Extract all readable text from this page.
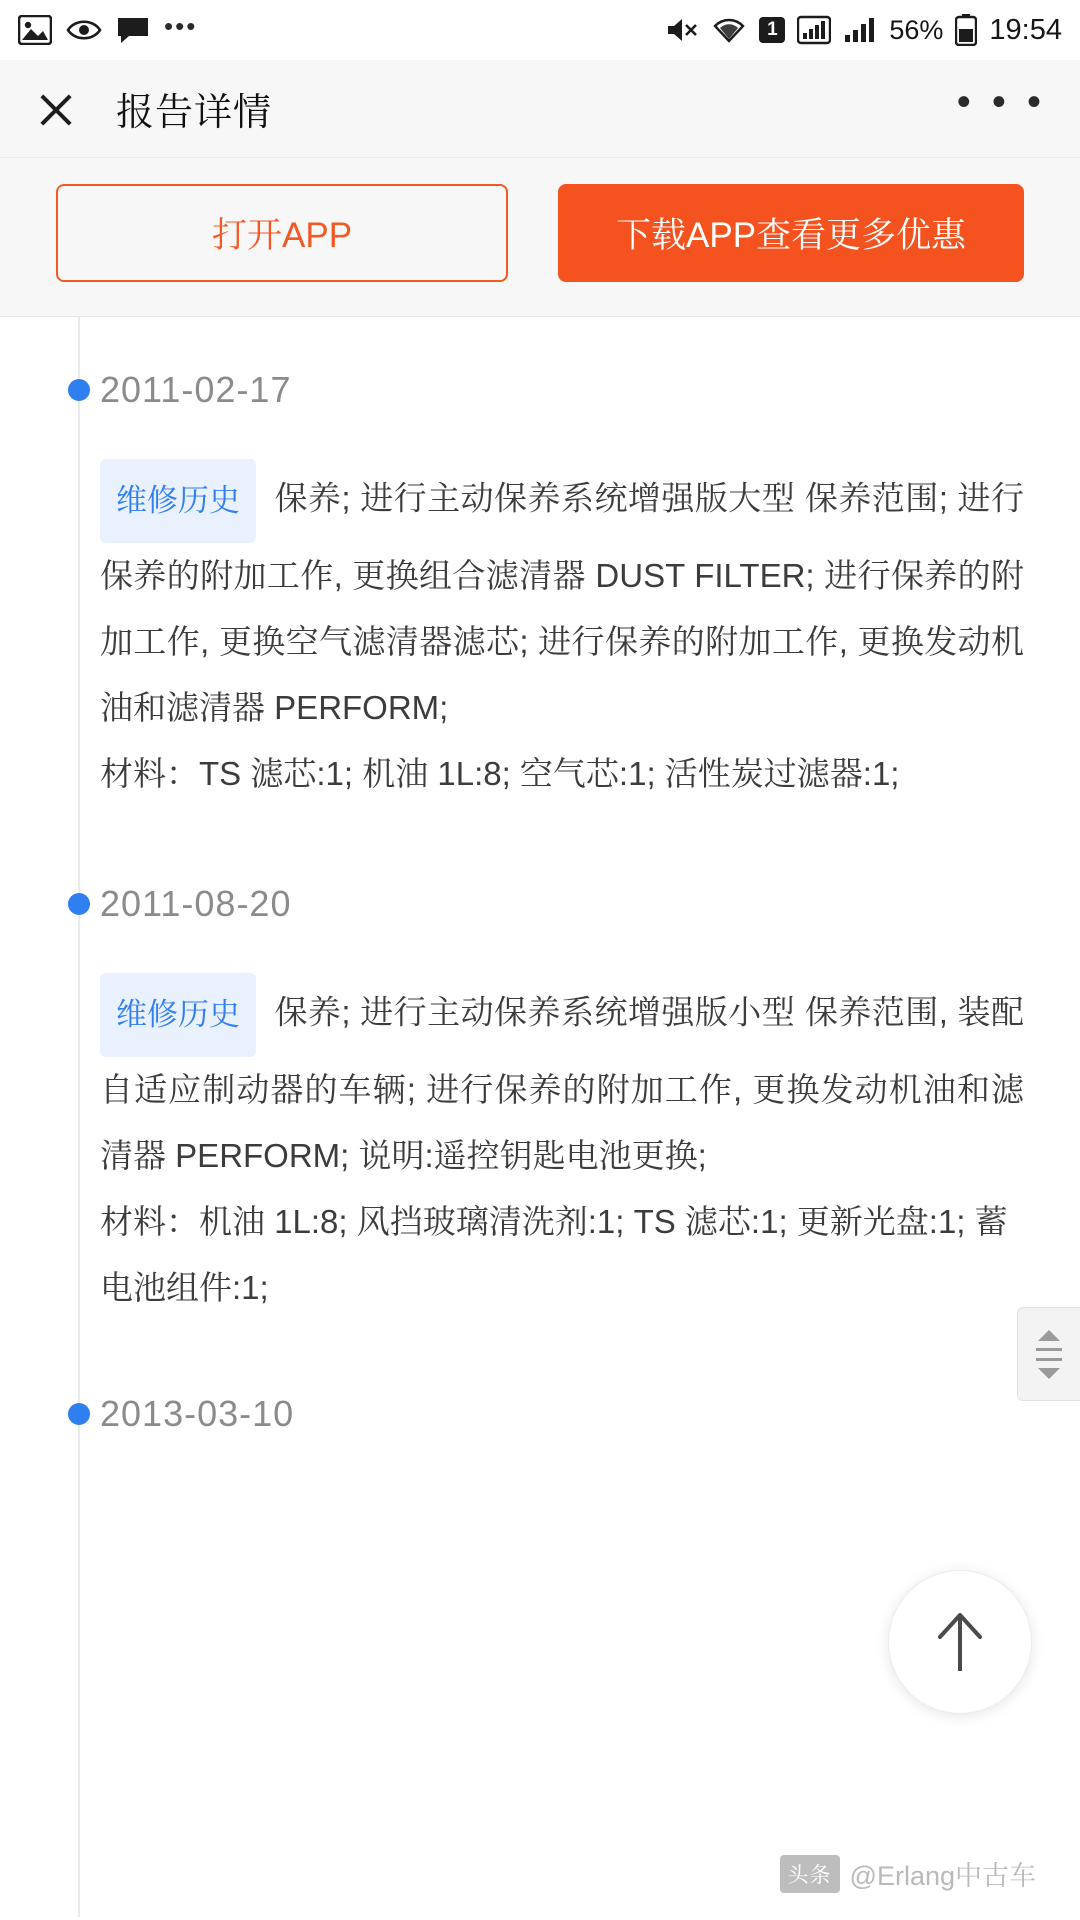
•••	1	56% 19:54
报告详情	• • •
打开APP	下载APP查看更多优惠
2011-02-17
维修历史 保养; 进行主动保养系统增强版大型 保养范围; 进行保养的附加工作, 更换组合滤清器 DUST FILTER; 进行保养的附加工作, 更换空气滤清器滤芯; 进行保养的附加工作, 更换发动机油和滤清器 PERFORM;
材料：TS 滤芯:1; 机油 1L:8; 空气芯:1; 活性炭过滤器:1;
2011-08-20
维修历史 保养; 进行主动保养系统增强版小型 保养范围, 装配自适应制动器的车辆; 进行保养的附加工作, 更换发动机油和滤清器 PERFORM; 说明:遥控钥匙电池更换;
材料：机油 1L:8; 风挡玻璃清洗剂:1; TS 滤芯:1; 更新光盘:1; 蓄电池组件:1;
2013-03-10
头条 @Erlang中古车
